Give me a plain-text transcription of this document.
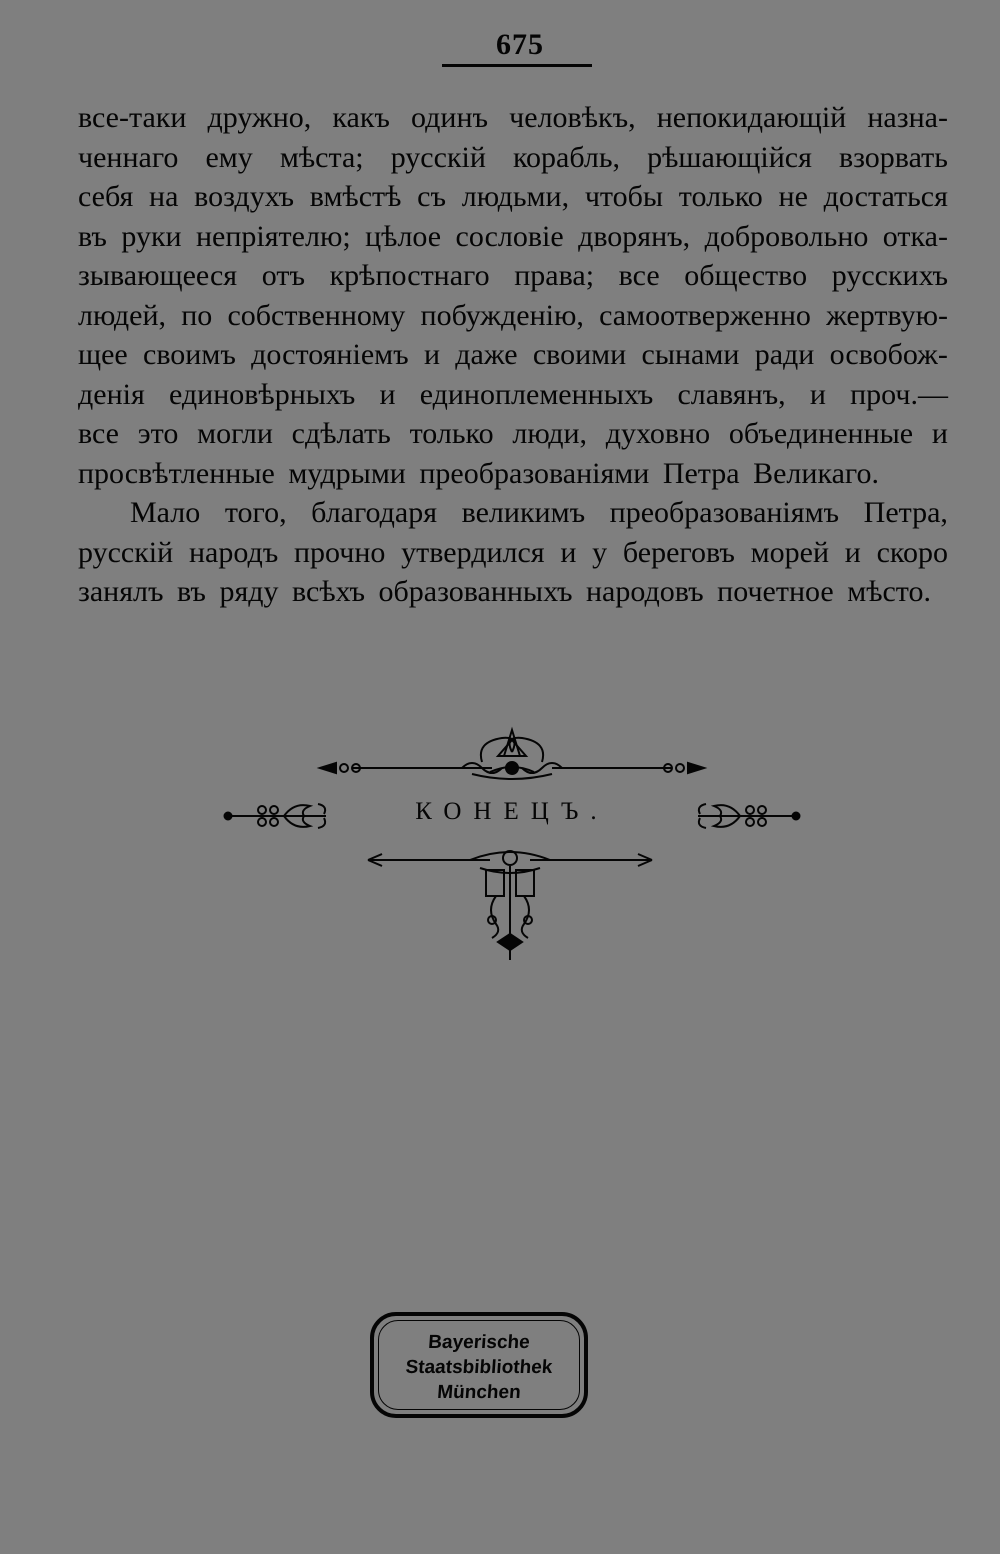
675
все-таки дружно, какъ одинъ человѣкъ, непокидающій назна-
ченнаго ему мѣста; русскій корабль, рѣшающійся взорвать
себя на воздухъ вмѣстѣ съ людьми, чтобы только не достаться
въ руки непріятелю; цѣлое сословіе дворянъ, добровольно отка-
зывающееся отъ крѣпостнаго права; все общество русскихъ
людей, по собственному побужденію, самоотверженно жертвую-
щее своимъ достояніемъ и даже своими сынами ради освобож-
денія единовѣрныхъ и единоплеменныхъ славянъ, и проч.—
все это могли сдѣлать только люди, духовно объединенные и
просвѣтленные мудрыми преобразованіями Петра Великаго.
Мало того, благодаря великимъ преобразованіямъ Петра,
русскій народъ прочно утвердился и у береговъ морей и скоро
занялъ въ ряду всѣхъ образованныхъ народовъ почетное мѣсто.
КОНЕЦЪ.
Bayerische
Staatsbibliothek
München
